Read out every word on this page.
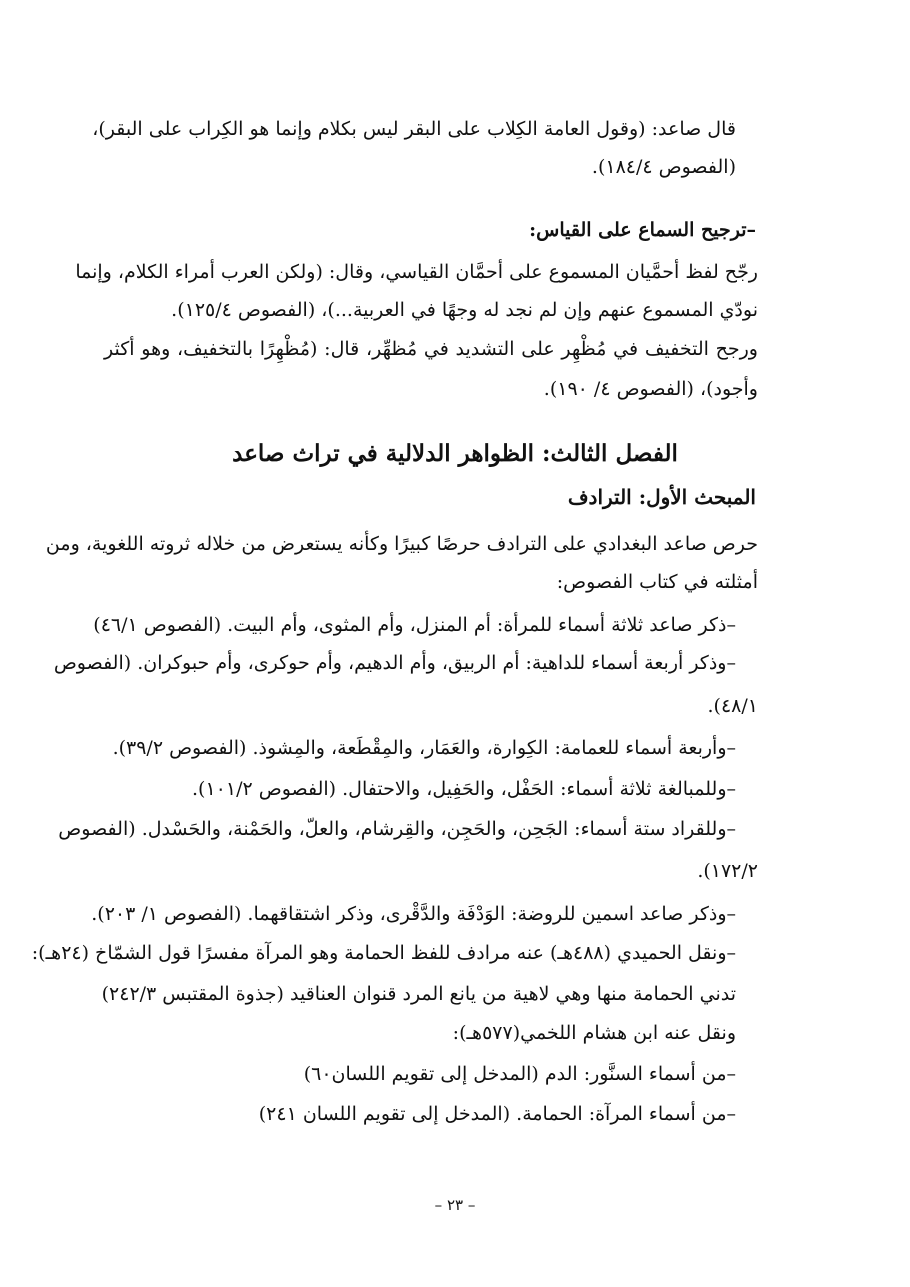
قال صاعد: (وقول العامة الكِلاب على البقر ليس بكلام وإنما هو الكِراب على البقر)،
(الفصوص ١٨٤/٤).
–ترجيح السماع على القياس:
رجّح لفظ أحمَّيان المسموع على أحمَّان القياسي، وقال: (ولكن العرب أمراء الكلام، وإنما
نودّي المسموع عنهم وإن لم نجد له وجهًا في العربية...)، (الفصوص ١٢٥/٤).
ورجح التخفيف في مُظْهِر على التشديد في مُظهِّر، قال: (مُظْهِرًا بالتخفيف، وهو أكثر
وأجود)، (الفصوص ٤/ ١٩٠).
الفصل الثالث: الظواهر الدلالية في تراث صاعد
المبحث الأول: الترادف
حرص صاعد البغدادي على الترادف حرصًا كبيرًا وكأنه يستعرض من خلاله ثروته اللغوية، ومن
أمثلته في كتاب الفصوص:
–ذكر صاعد ثلاثة أسماء للمرأة: أم المنزل، وأم المثوى، وأم البيت. (الفصوص ٤٦/١)
–وذكر أربعة أسماء للداهية: أم الربيق، وأم الدهيم، وأم حوكرى، وأم حبوكران. (الفصوص
٤٨/١).
–وأربعة أسماء للعمامة: الكِوارة، والعَمَار، والمِقْطَعة، والمِشوذ. (الفصوص ٣٩/٢).
–وللمبالغة ثلاثة أسماء: الحَفْل، والحَفِيل، والاحتفال. (الفصوص ١٠١/٢).
–وللقراد ستة أسماء: الجَحِن، والحَجِن، والقِرشام، والعلّ، والحَمْنة، والحَسْدل. (الفصوص
١٧٢/٢).
–وذكر صاعد اسمين للروضة: الوَدْفَة والدَّقْرى، وذكر اشتقاقهما. (الفصوص ١/ ٢٠٣).
–ونقل الحميدي (٤٨٨هـ) عنه مرادف للفظ الحمامة وهو المرآة مفسرًا قول الشمّاخ (٢٤هـ):
تدني الحمامة منها وهي لاهية من يانع المرد قنوان العناقيد (جذوة المقتبس ٢٤٢/٣)
ونقل عنه ابن هشام اللخمي(٥٧٧هـ):
–من أسماء السنَّور: الدم (المدخل إلى تقويم اللسان٦٠)
–من أسماء المرآة: الحمامة. (المدخل إلى تقويم اللسان ٢٤١)
– ٢٣ –
